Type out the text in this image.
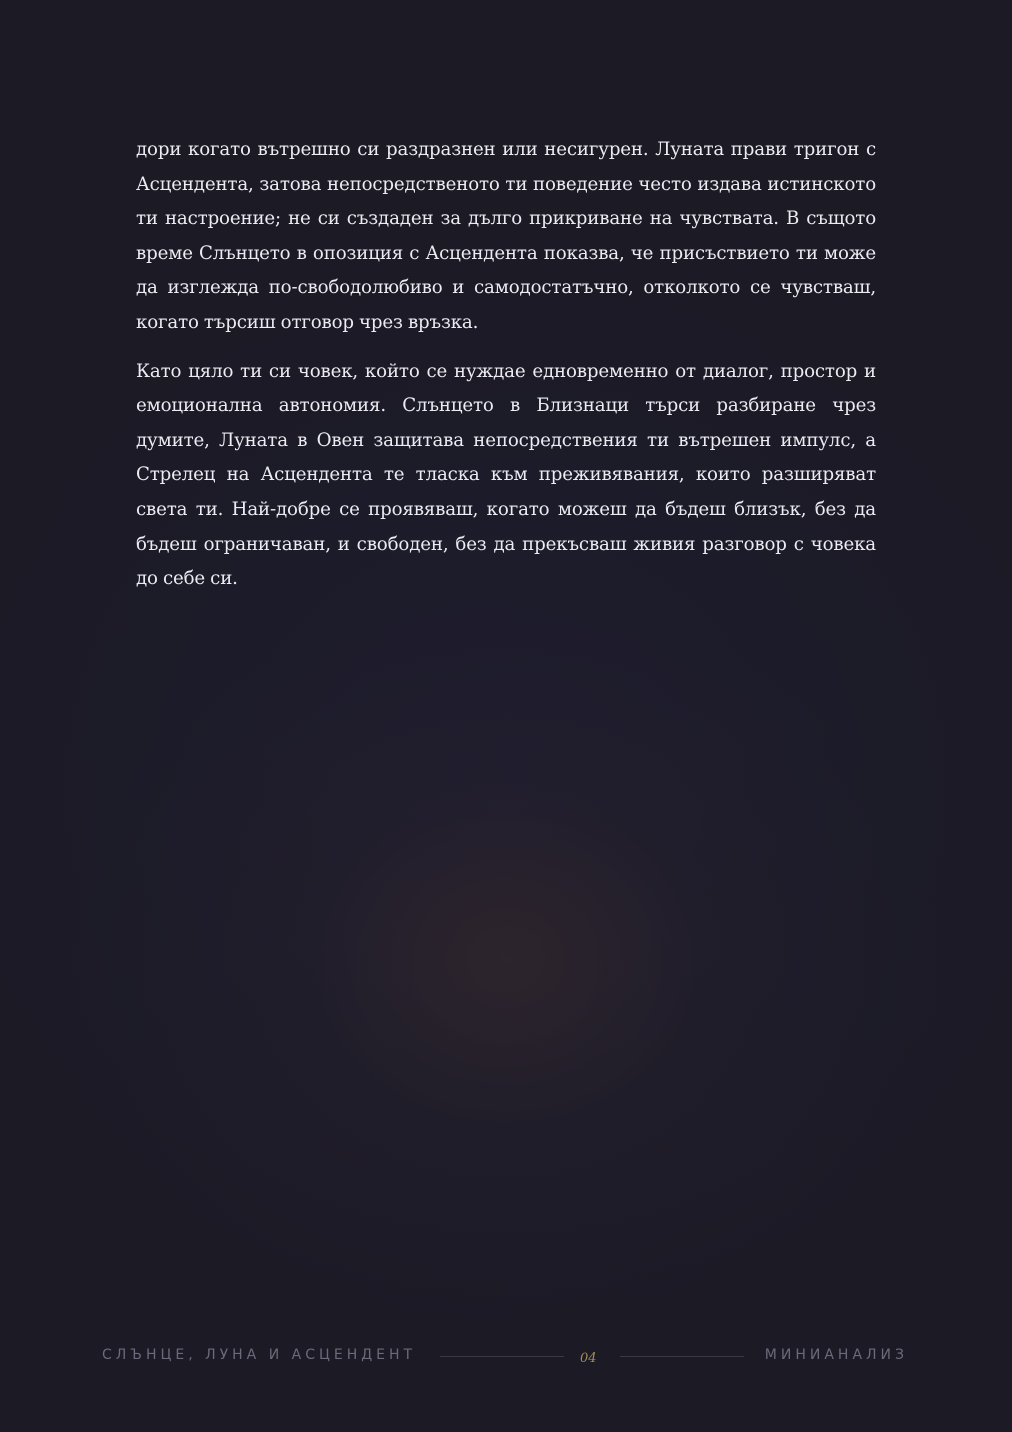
дори когато вътрешно си раздразнен или несигурен. Луната прави тригон с Асцендента, затова непосредственото ти поведение често издава истинското ти настроение; не си създаден за дълго прикриване на чувствата. В същото време Слънцето в опозиция с Асцендента показва, че присъствието ти може да изглежда по-свободолюбиво и самодостатъчно, отколкото се чувстваш, когато търсиш отговор чрез връзка.

Като цяло ти си човек, който се нуждае едновременно от диалог, простор и емоционална автономия. Слънцето в Близнаци търси разбиране чрез думите, Луната в Овен защитава непосредствения ти вътрешен импулс, а Стрелец на Асцендента те тласка към преживявания, които разширяват света ти. Най-добре се проявяваш, когато можеш да бъдеш близък, без да бъдеш ограничаван, и свободен, без да прекъсваш живия разговор с човека до себе си.

СЛЪНЦЕ, ЛУНА И АСЦЕНДЕНТ	04	МИНИАНАЛИЗ
